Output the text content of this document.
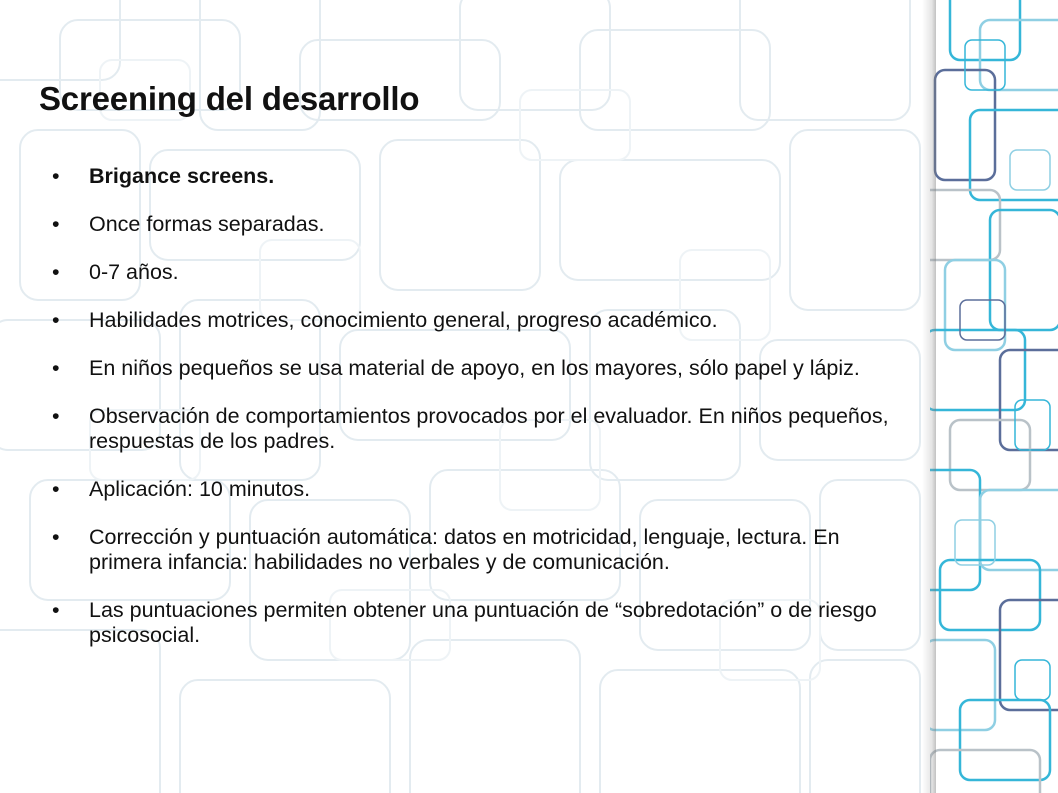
Screening del desarrollo
• Brigance screens.
• Once formas separadas.
• 0-7 años.
• Habilidades motrices, conocimiento general, progreso académico.
• En niños pequeños se usa material de apoyo, en los mayores, sólo papel y lápiz.
• Observación de comportamientos provocados por el evaluador. En niños pequeños, respuestas de los padres.
• Aplicación: 10 minutos.
• Corrección y puntuación automática: datos en motricidad, lenguaje, lectura. En primera infancia: habilidades no verbales y de comunicación.
• Las puntuaciones permiten obtener una puntuación de “sobredotación” o de riesgo psicosocial.
